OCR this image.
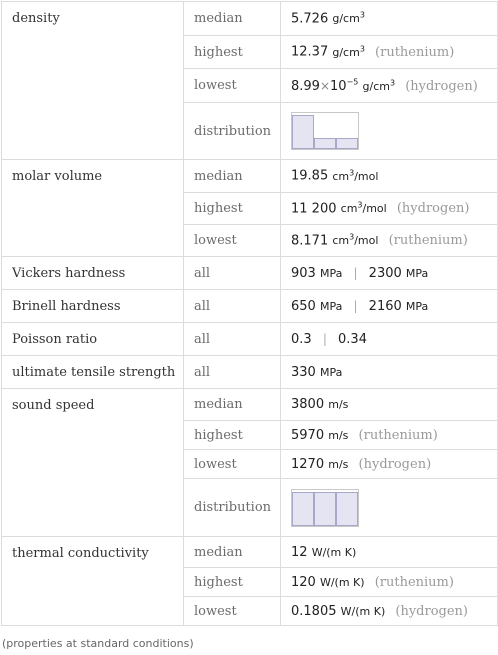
density	median	5.726 $g/cm^3$
	highest	12.37 $g/cm^3$ (ruthenium)
	lowest	$8.99\times 10^{-5}$ $g/cm^3$ (hydrogen)
	distribution	

molar volume	median	19.85 $cm^3$/mol
	highest	11 200 $cm^3$/mol (hydrogen)
	lowest	8.171 $cm^3$/mol (ruthenium)
Vickers hardness	all	903 MPa | 2300 MPa
Brinell hardness	all	650 MPa | 2160 MPa
Poisson ratio	all	0.3 | 0.34
ultimate tensile strength	all	330 MPa
sound speed	median	3800 m/s
	highest	5970 m/s (ruthenium)
	lowest	1270 m/s (hydrogen)
	distribution	

thermal conductivity	median	12 W/(m K)
	highest	120 W/(m K) (ruthenium)
	lowest	0.1805 W/(m K) (hydrogen)
(properties at standard conditions)
